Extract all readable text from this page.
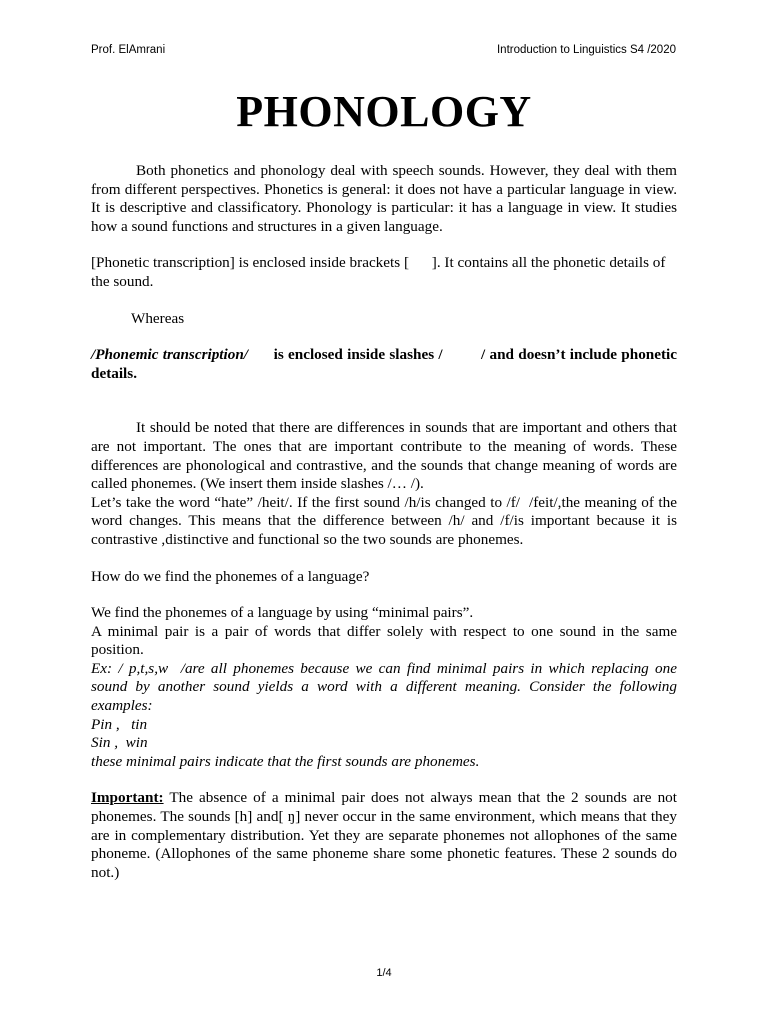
Prof. ElAmrani	Introduction to Linguistics S4 /2020
PHONOLOGY

Both phonetics and phonology deal with speech sounds. However, they deal with them from different perspectives. Phonetics is general: it does not have a particular language in view. It is descriptive and classificatory. Phonology is particular: it has a language in view. It studies how a sound functions and structures in a given language.

[Phonetic transcription] is enclosed inside brackets [      ]. It contains all the phonetic details of the sound.

Whereas

/Phonemic transcription/      is enclosed inside slashes /         / and doesn’t include phonetic details.

It should be noted that there are differences in sounds that are important and others that are not important. The ones that are important contribute to the meaning of words. These differences are phonological and contrastive, and the sounds that change meaning of words are called phonemes. (We insert them inside slashes /… /).

Let’s take the word “hate” /heit/. If the first sound /h/is changed to /f/  /feit/,the meaning of the word changes. This means that the difference between /h/ and /f/is important because it is contrastive ,distinctive and functional so the two sounds are phonemes.

How do we find the phonemes of a language?

We find the phonemes of a language by using “minimal pairs”.

A minimal pair is a pair of words that differ solely with respect to one sound in the same position.

Ex: / p,t,s,w  /are all phonemes because we can find minimal pairs in which replacing one sound by another sound yields a word with a different meaning. Consider the following examples:

Pin ,   tin

Sin ,  win

these minimal pairs indicate that the first sounds are phonemes.

Important: The absence of a minimal pair does not always mean that the 2 sounds are not phonemes. The sounds [h] and[ ŋ] never occur in the same environment, which means that they are in complementary distribution. Yet they are separate phonemes not allophones of the same phoneme. (Allophones of the same phoneme share some phonetic features. These 2 sounds do not.)

1/4
